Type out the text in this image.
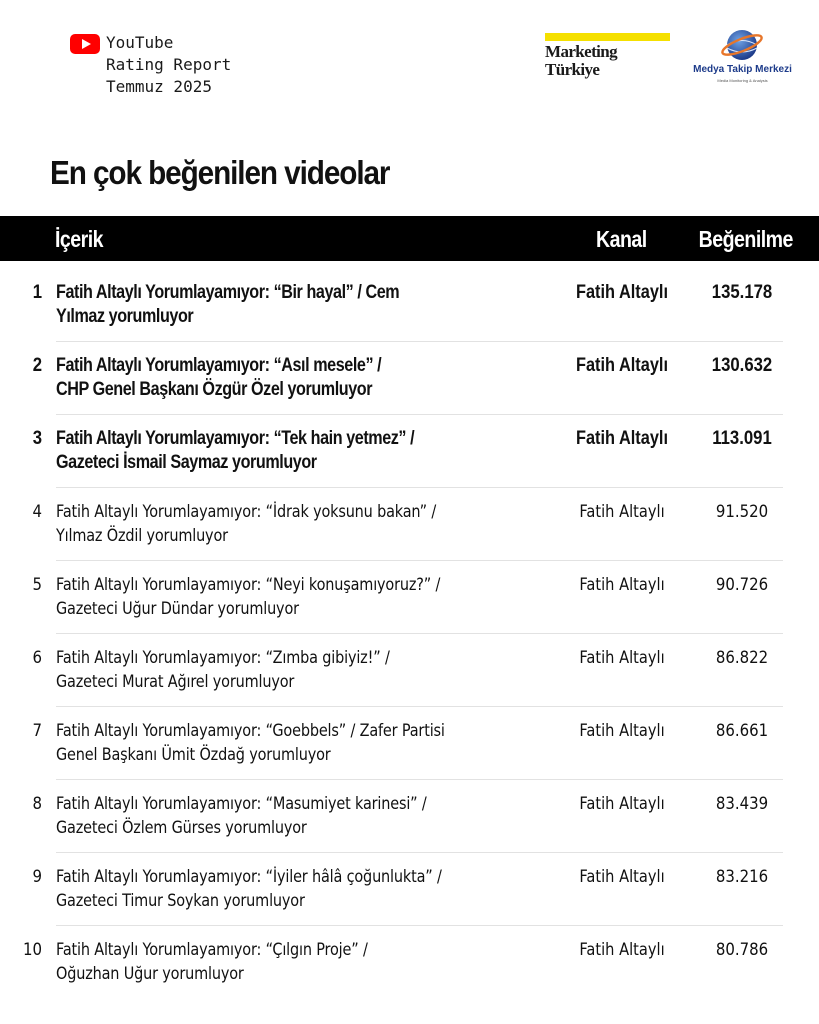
YouTube
Rating Report
Temmuz 2025
Marketing
Türkiye	Medya Takip Merkezi
Media Monitoring & Analysis
En çok beğenilen videolar
İçerik	Kanal Beğenilme
1 Fatih Altaylı Yorumlayamıyor: “Bir hayal” / Cem
Yılmaz yorumluyor
Fatih Altaylı	135.178
2 Fatih Altaylı Yorumlayamıyor: “Asıl mesele” /
CHP Genel Başkanı Özgür Özel yorumluyor
Fatih Altaylı	130.632
3 Fatih Altaylı Yorumlayamıyor: “Tek hain yetmez” /
Gazeteci İsmail Saymaz yorumluyor
Fatih Altaylı	113.091
4 Fatih Altaylı Yorumlayamıyor: “İdrak yoksunu bakan” /
Yılmaz Özdil yorumluyor
Fatih Altaylı	91.520
5 Fatih Altaylı Yorumlayamıyor: “Neyi konuşamıyoruz?” /
Gazeteci Uğur Dündar yorumluyor
Fatih Altaylı	90.726
6 Fatih Altaylı Yorumlayamıyor: “Zımba gibiyiz!” /
Gazeteci Murat Ağırel yorumluyor
Fatih Altaylı	86.822
7 Fatih Altaylı Yorumlayamıyor: “Goebbels” / Zafer Partisi
Genel Başkanı Ümit Özdağ yorumluyor
Fatih Altaylı	86.661
8 Fatih Altaylı Yorumlayamıyor: “Masumiyet karinesi” /
Gazeteci Özlem Gürses yorumluyor
Fatih Altaylı	83.439
9 Fatih Altaylı Yorumlayamıyor: “İyiler hâlâ çoğunlukta” /
Gazeteci Timur Soykan yorumluyor
Fatih Altaylı	83.216
10 Fatih Altaylı Yorumlayamıyor: “Çılgın Proje” /
Oğuzhan Uğur yorumluyor
Fatih Altaylı	80.786
